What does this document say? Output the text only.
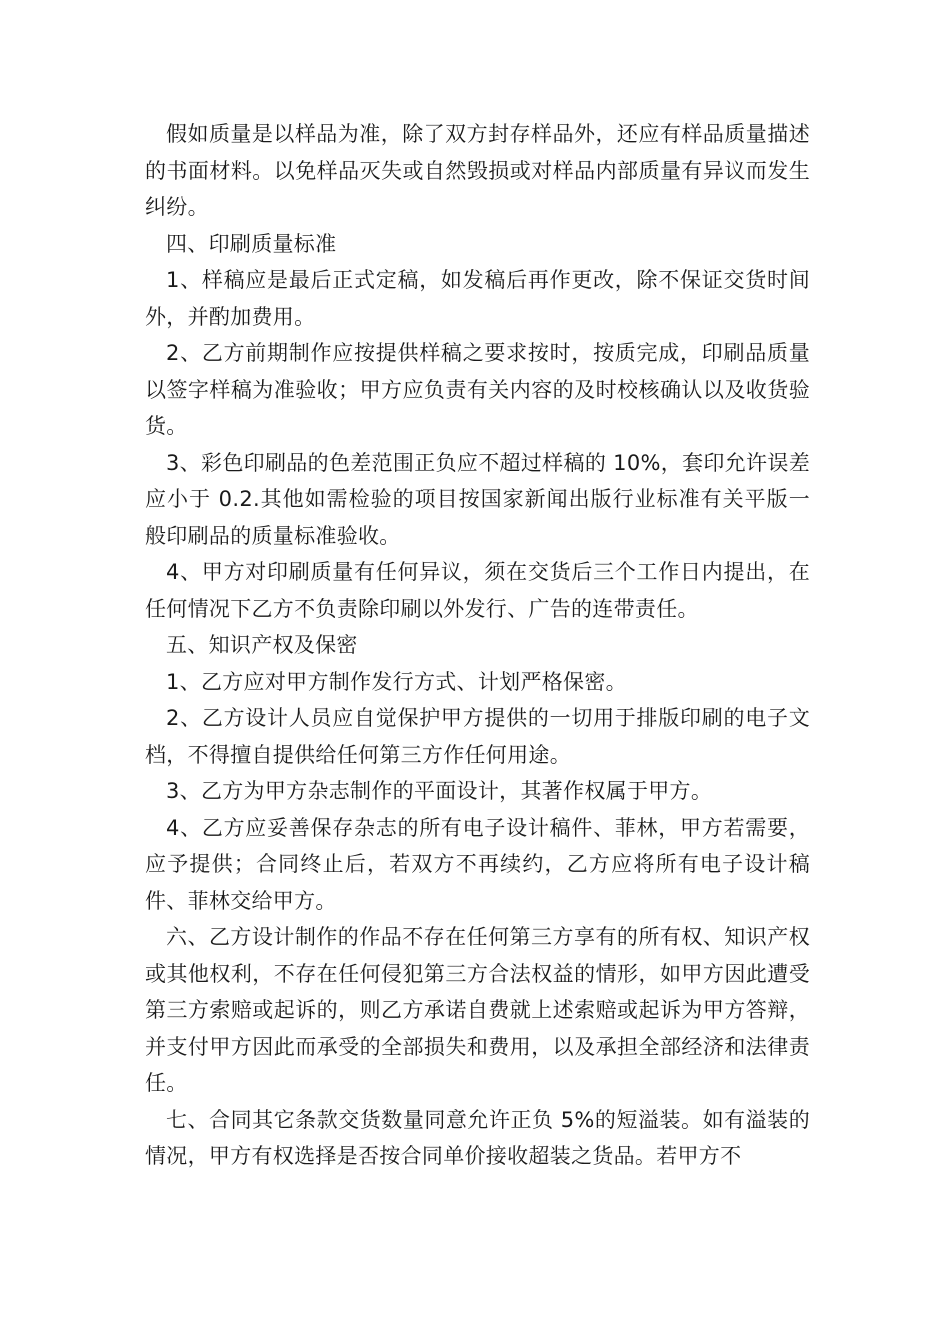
假如质量是以样品为准，除了双方封存样品外，还应有样品质量描述的书面材料。以免样品灭失或自然毁损或对样品内部质量有异议而发生纠纷。

四、印刷质量标准

1、样稿应是最后正式定稿，如发稿后再作更改，除不保证交货时间外，并酌加费用。

2、乙方前期制作应按提供样稿之要求按时，按质完成，印刷品质量以签字样稿为准验收；甲方应负责有关内容的及时校核确认以及收货验货。

3、彩色印刷品的色差范围正负应不超过样稿的 10%，套印允许误差应小于 0.2.其他如需检验的项目按国家新闻出版行业标准有关平版一般印刷品的质量标准验收。

4、甲方对印刷质量有任何异议，须在交货后三个工作日内提出，在任何情况下乙方不负责除印刷以外发行、广告的连带责任。

五、知识产权及保密

1、乙方应对甲方制作发行方式、计划严格保密。

2、乙方设计人员应自觉保护甲方提供的一切用于排版印刷的电子文档，不得擅自提供给任何第三方作任何用途。

3、乙方为甲方杂志制作的平面设计，其著作权属于甲方。

4、乙方应妥善保存杂志的所有电子设计稿件、菲林，甲方若需要，应予提供；合同终止后，若双方不再续约，乙方应将所有电子设计稿件、菲林交给甲方。

六、乙方设计制作的作品不存在任何第三方享有的所有权、知识产权或其他权利，不存在任何侵犯第三方合法权益的情形，如甲方因此遭受第三方索赔或起诉的，则乙方承诺自费就上述索赔或起诉为甲方答辩，并支付甲方因此而承受的全部损失和费用，以及承担全部经济和法律责任。

七、合同其它条款交货数量同意允许正负 5%的短溢装。如有溢装的情况，甲方有权选择是否按合同单价接收超装之货品。若甲方不
